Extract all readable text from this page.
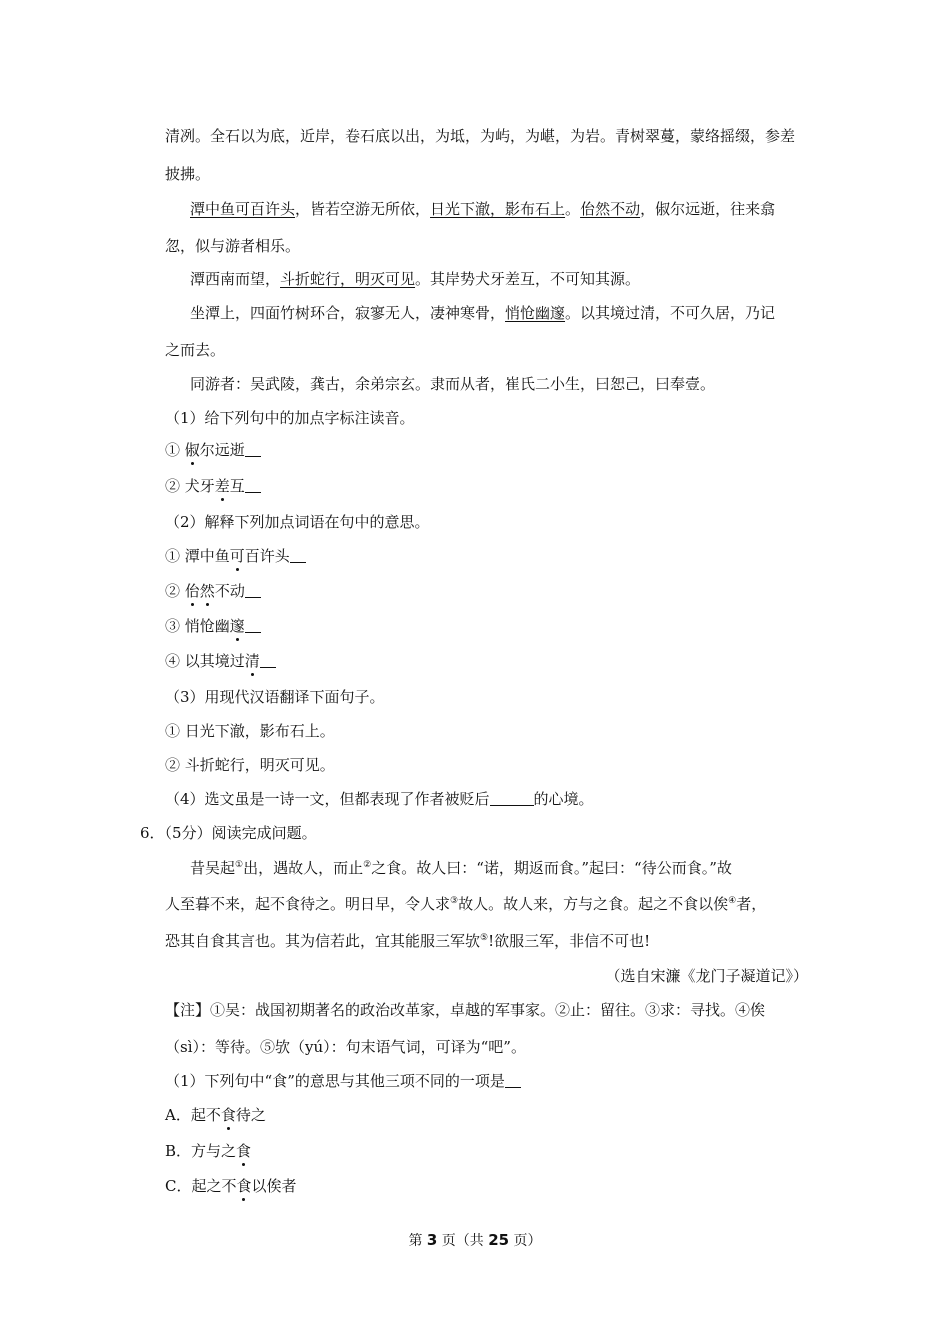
清冽。全石以为底，近岸，卷石底以出，为坻，为屿，为嵁，为岩。青树翠蔓，蒙络摇缀，参差
披拂。
潭中鱼可百许头，皆若空游无所依，日光下澈，影布石上。佁然不动，俶尔远逝，往来翕
忽，似与游者相乐。
潭西南而望，斗折蛇行，明灭可见。其岸势犬牙差互，不可知其源。
坐潭上，四面竹树环合，寂寥无人，凄神寒骨，悄怆幽邃。以其境过清，不可久居，乃记
之而去。
同游者：吴武陵，龚古，余弟宗玄。隶而从者，崔氏二小生，曰恕己，曰奉壹。
（1）给下列句中的加点字标注读音。
① 俶尔远逝
② 犬牙差互
（2）解释下列加点词语在句中的意思。
① 潭中鱼可百许头
② 佁然不动
③ 悄怆幽邃
④ 以其境过清
（3）用现代汉语翻译下面句子。
① 日光下澈，影布石上。
② 斗折蛇行，明灭可见。
（4）选文虽是一诗一文，但都表现了作者被贬后	的心境。
6．（5分）阅读完成问题。
昔吴起①出，遇故人，而止②之食。故人曰：“诺，期返而食。”起曰：“待公而食。”故
人至暮不来，起不食待之。明日早，令人求③故人。故人来，方与之食。起之不食以俟④者，
恐其自食其言也。其为信若此，宜其能服三军欤⑤!欲服三军，非信不可也!
（选自宋濂《龙门子凝道记》）
【注】①吴：战国初期著名的政治改革家，卓越的军事家。②止：留往。③求：寻找。④俟
（sì）：等待。⑤欤（yú）：句末语气词，可译为“吧”。
（1）下列句中“食”的意思与其他三项不同的一项是
A．起不食待之
B．方与之食
C．起之不食以俟者
第 3 页（共 25 页）
